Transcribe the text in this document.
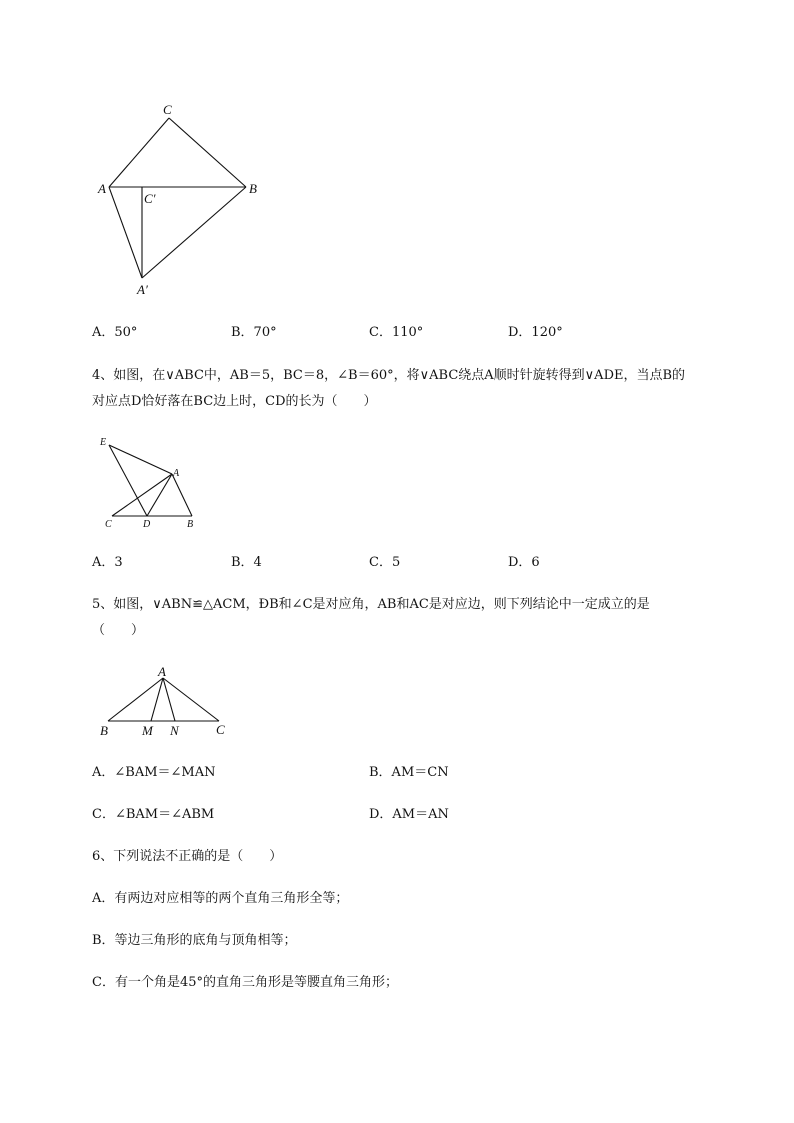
C
A
C′
B
A′
A．50°	B．70°	C．110°	D．120°
4、如图，在∨ABC中，AB＝5，BC＝8，∠B＝60°，将∨ABC绕点A顺时针旋转得到∨ADE，当点B的
对应点D恰好落在BC边上时，CD的长为（　　）
E
A
C	D	B
A．3	B．4	C．5	D．6
5、如图，∨ABN≌△ACM，ÐB和∠C是对应角，AB和AC是对应边，则下列结论中一定成立的是
（　　）
A
B	M N	C
A．∠BAM＝∠MAN	B．AM＝CN
C．∠BAM＝∠ABM	D．AM＝AN
6、下列说法不正确的是（　　）
A．有两边对应相等的两个直角三角形全等；
B．等边三角形的底角与顶角相等；
C．有一个角是45°的直角三角形是等腰直角三角形；
